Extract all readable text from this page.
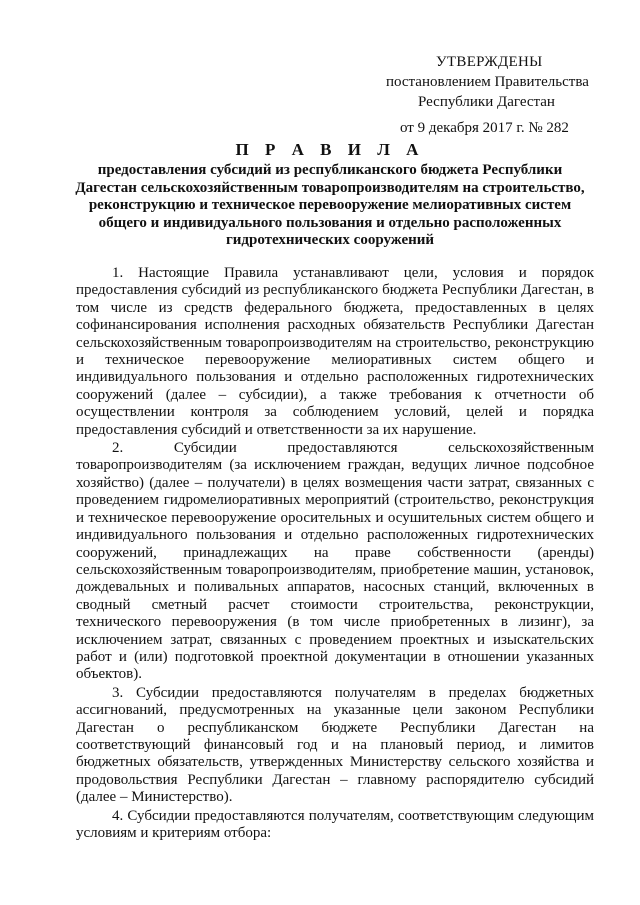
УТВЕРЖДЕНЫ
постановлением Правительства
Республики Дагестан
от 9 декабря 2017 г. № 282
П Р А В И Л А
предоставления субсидий из республиканского бюджета Республики Дагестан сельскохозяйственным товаропроизводителям на строительство, реконструкцию и техническое перевооружение мелиоративных систем общего и индивидуального пользования и отдельно расположенных гидротехнических сооружений

1. Настоящие Правила устанавливают цели, условия и порядок предоставления субсидий из республиканского бюджета Республики Дагестан, в том числе из средств федерального бюджета, предоставленных в целях софинансирования исполнения расходных обязательств Республики Дагестан сельскохозяйственным товаропроизводителям на строительство, реконструкцию и техническое перевооружение мелиоративных систем общего и индивидуального пользования и отдельно расположенных гидротехнических сооружений (далее – субсидии), а также требования к отчетности об осуществлении контроля за соблюдением условий, целей и порядка предоставления субсидий и ответственности за их нарушение.

2. Субсидии предоставляются сельскохозяйственным товаропроизводителям (за исключением граждан, ведущих личное подсобное хозяйство) (далее – получатели) в целях возмещения части затрат, связанных с проведением гидромелиоративных мероприятий (строительство, реконструкция и техническое перевооружение оросительных и осушительных систем общего и индивидуального пользования и отдельно расположенных гидротехнических сооружений, принадлежащих на праве собственности (аренды) сельскохозяйственным товаропроизводителям, приобретение машин, установок, дождевальных и поливальных аппаратов, насосных станций, включенных в сводный сметный расчет стоимости строительства, реконструкции, технического перевооружения (в том числе приобретенных в лизинг), за исключением затрат, связанных с проведением проектных и изыскательских работ и (или) подготовкой проектной документации в отношении указанных объектов).

3. Субсидии предоставляются получателям в пределах бюджетных ассигнований, предусмотренных на указанные цели законом Республики Дагестан о республиканском бюджете Республики Дагестан на соответствующий финансовый год и на плановый период, и лимитов бюджетных обязательств, утвержденных Министерству сельского хозяйства и продовольствия Республики Дагестан – главному распорядителю субсидий (далее – Министерство).

4. Субсидии предоставляются получателям, соответствующим следующим условиям и критериям отбора:
